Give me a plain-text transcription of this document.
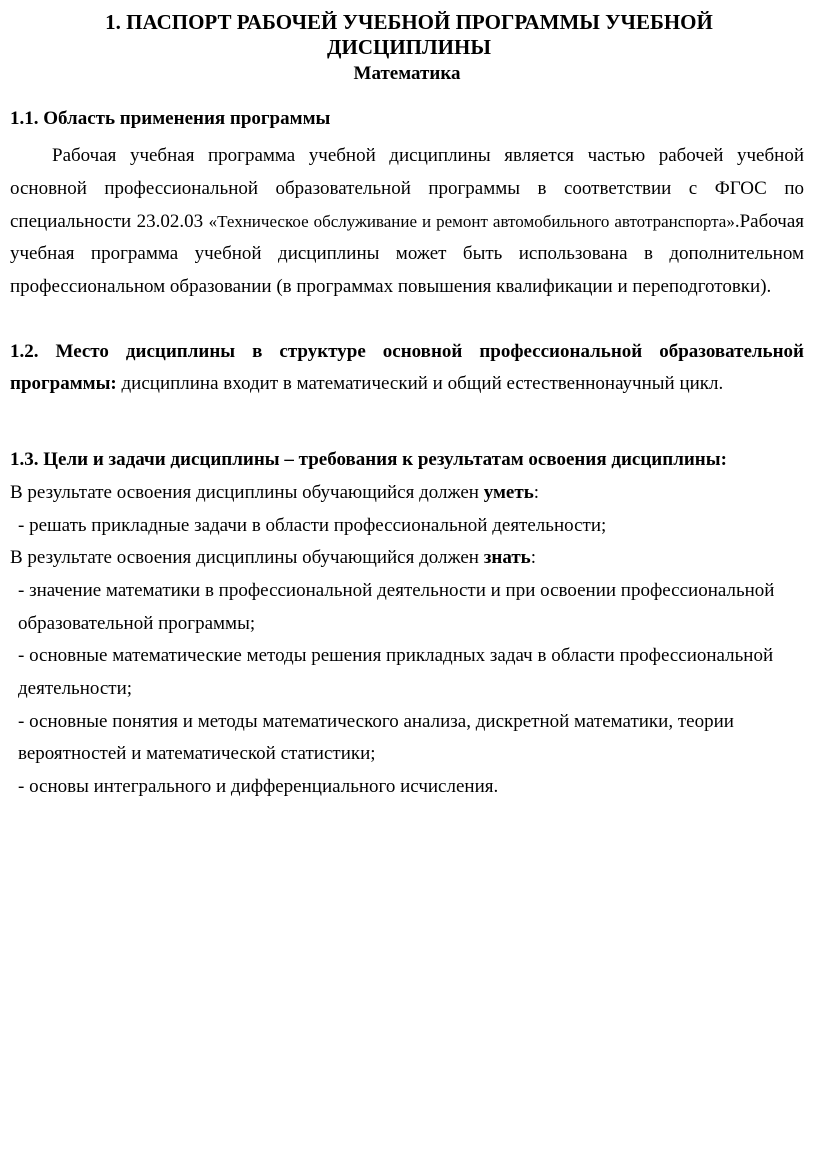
1. ПАСПОРТ РАБОЧЕЙ УЧЕБНОЙ ПРОГРАММЫ УЧЕБНОЙ ДИСЦИПЛИНЫ
Математика
1.1. Область применения программы

Рабочая учебная программа учебной дисциплины является частью рабочей учебной основной профессиональной образовательной программы в соответствии с ФГОС по специальности 23.02.03 «Техническое обслуживание и ремонт автомобильного автотранспорта».Рабочая учебная программа учебной дисциплины может быть использована в дополнительном профессиональном образовании (в программах повышения квалификации и переподготовки).

1.2. Место дисциплины в структуре основной профессиональной образовательной программы: дисциплина входит в математический и общий естественнонаучный цикл.

1.3. Цели и задачи дисциплины – требования к результатам освоения дисциплины:

В результате освоения дисциплины обучающийся должен уметь:

- решать прикладные задачи в области профессиональной деятельности;

В результате освоения дисциплины обучающийся должен знать:

- значение математики в профессиональной деятельности и при освоении профессиональной образовательной программы;

- основные математические методы решения прикладных задач в области профессиональной деятельности;

- основные понятия и методы математического анализа, дискретной математики, теории вероятностей и математической статистики;

- основы интегрального и дифференциального исчисления.
